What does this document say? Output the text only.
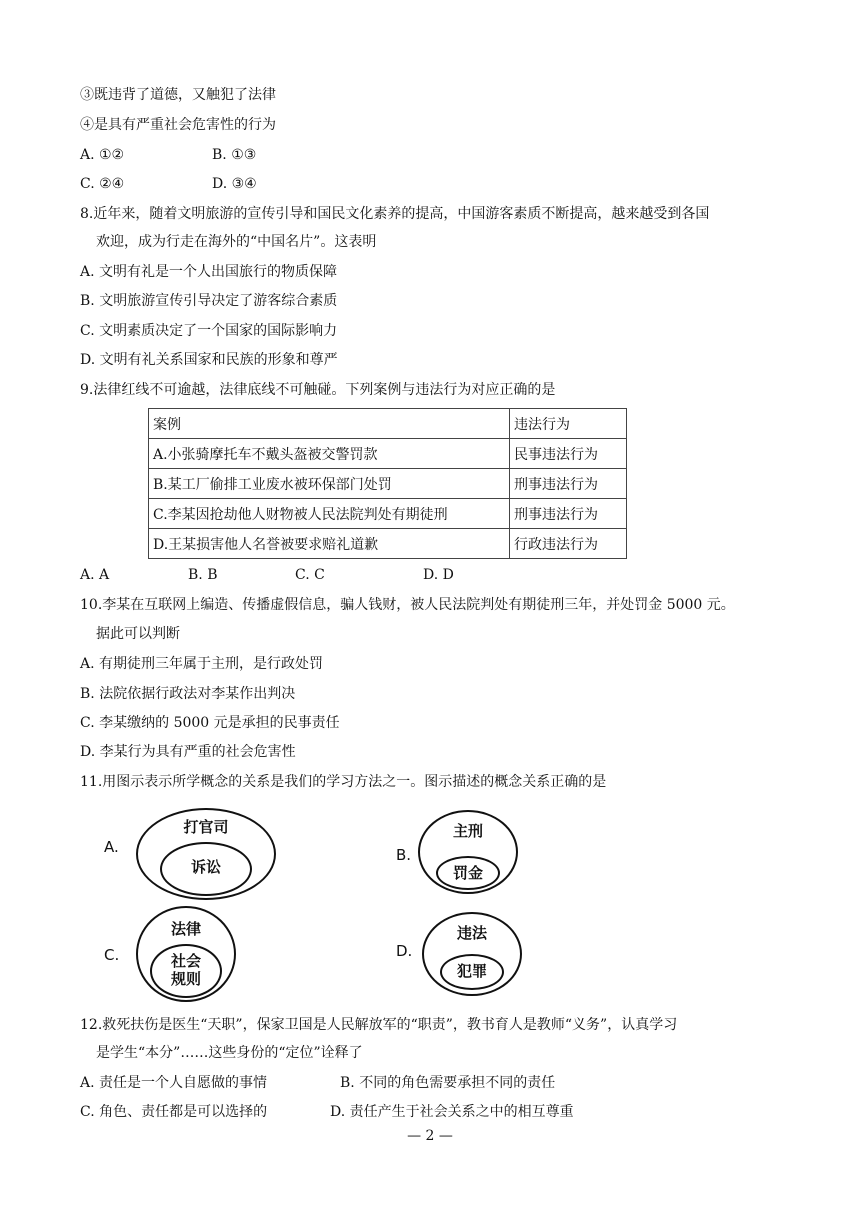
③既违背了道德，又触犯了法律
④是具有严重社会危害性的行为
A. ①②	B. ①③
C. ②④	D. ③④
8.近年来，随着文明旅游的宣传引导和国民文化素养的提高，中国游客素质不断提高，越来越受到各国
欢迎，成为行走在海外的“中国名片”。这表明
A. 文明有礼是一个人出国旅行的物质保障
B. 文明旅游宣传引导决定了游客综合素质
C. 文明素质决定了一个国家的国际影响力
D. 文明有礼关系国家和民族的形象和尊严
9.法律红线不可逾越，法律底线不可触碰。下列案例与违法行为对应正确的是
案例	违法行为
A.小张骑摩托车不戴头盔被交警罚款	民事违法行为
B.某工厂偷排工业废水被环保部门处罚	刑事违法行为
C.李某因抢劫他人财物被人民法院判处有期徒刑	刑事违法行为
D.王某损害他人名誉被要求赔礼道歉	行政违法行为
A. A	B. B	C. C	D. D
10.李某在互联网上编造、传播虚假信息，骗人钱财，被人民法院判处有期徒刑三年，并处罚金 5000 元。
据此可以判断
A. 有期徒刑三年属于主刑，是行政处罚
B. 法院依据行政法对李某作出判决
C. 李某缴纳的 5000 元是承担的民事责任
D. 李某行为具有严重的社会危害性
11.用图示表示所学概念的关系是我们的学习方法之一。图示描述的概念关系正确的是
A.
打官司
诉讼
B.
主刑
罚金
C.
法律
社会
规则
D.
违法
犯罪
12.救死扶伤是医生“天职”，保家卫国是人民解放军的“职责”，教书育人是教师“义务”，认真学习
是学生“本分”……这些身份的“定位”诠释了
A. 责任是一个人自愿做的事情	B. 不同的角色需要承担不同的责任
C. 角色、责任都是可以选择的	D. 责任产生于社会关系之中的相互尊重
— 2 —
